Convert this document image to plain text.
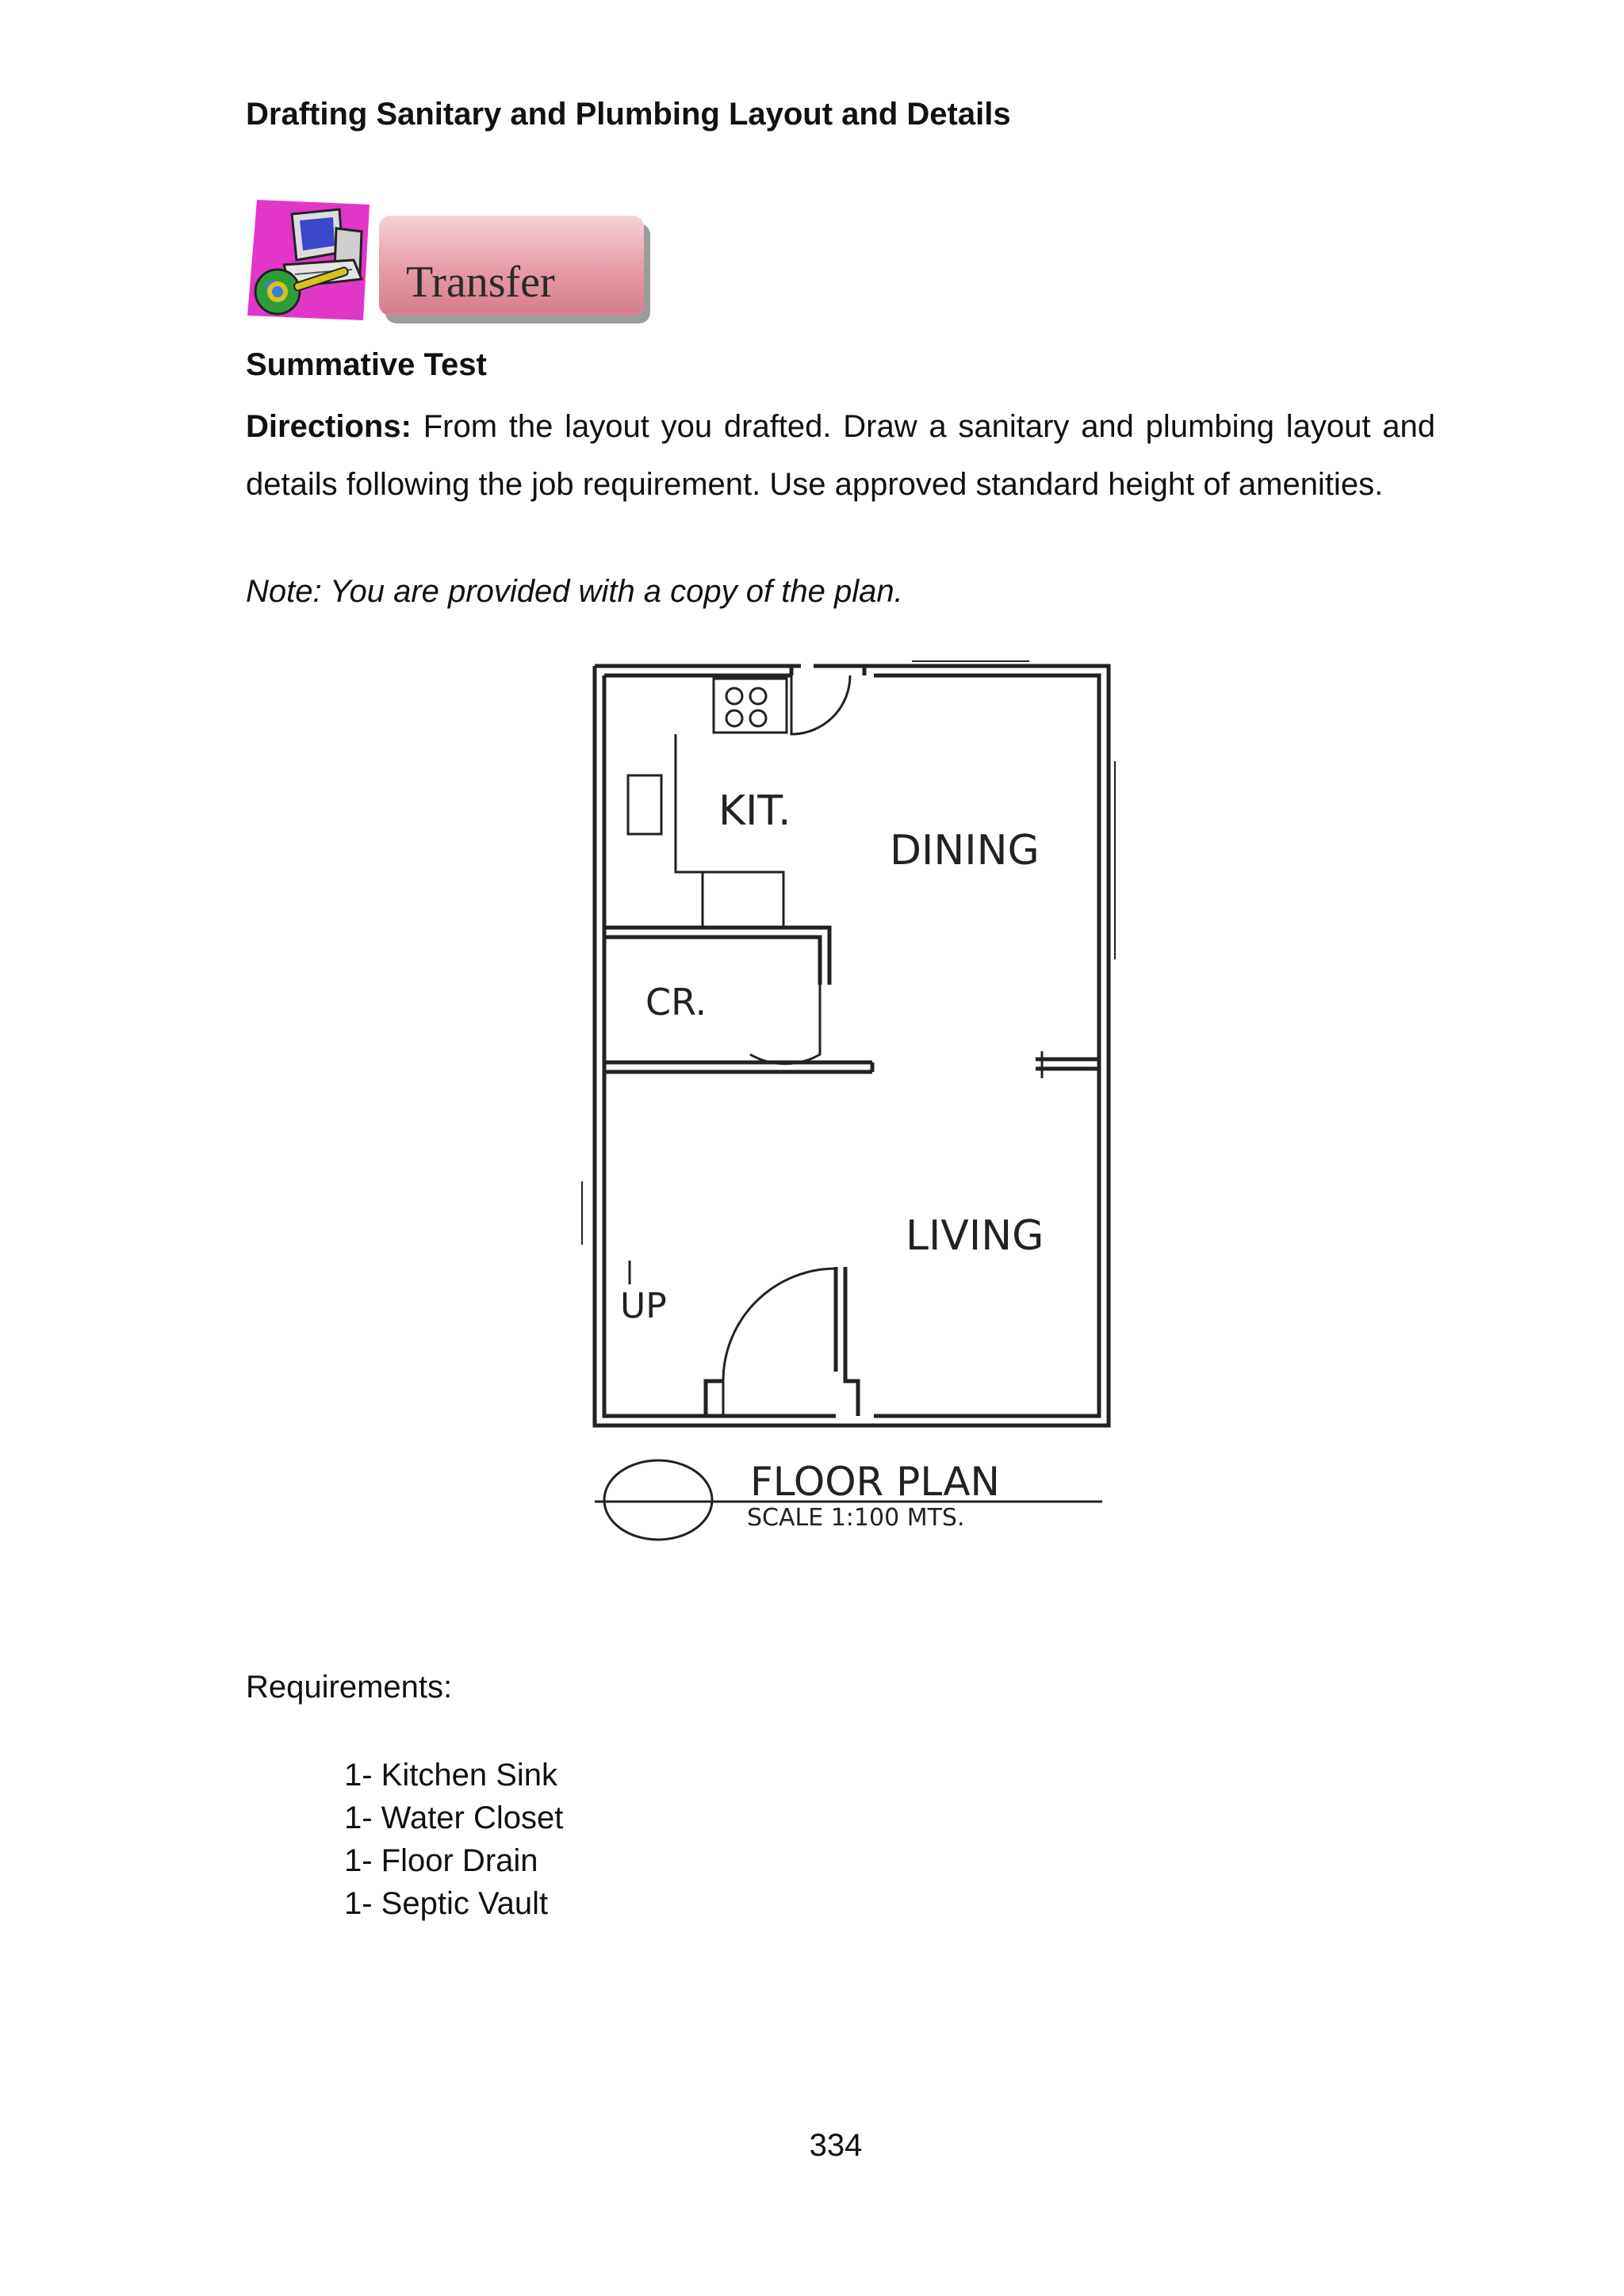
Drafting Sanitary and Plumbing Layout and Details
Transfer
Summative Test
Directions: From the layout you drafted. Draw a sanitary and plumbing layout and details following the job requirement. Use approved standard height of amenities.
Note: You are provided with a copy of the plan.
KIT.
DINING
CR.
LIVING
UP
FLOOR PLAN
SCALE 1:100 MTS.
Requirements:
1- Kitchen Sink
1- Water Closet
1- Floor Drain
1- Septic Vault
334
